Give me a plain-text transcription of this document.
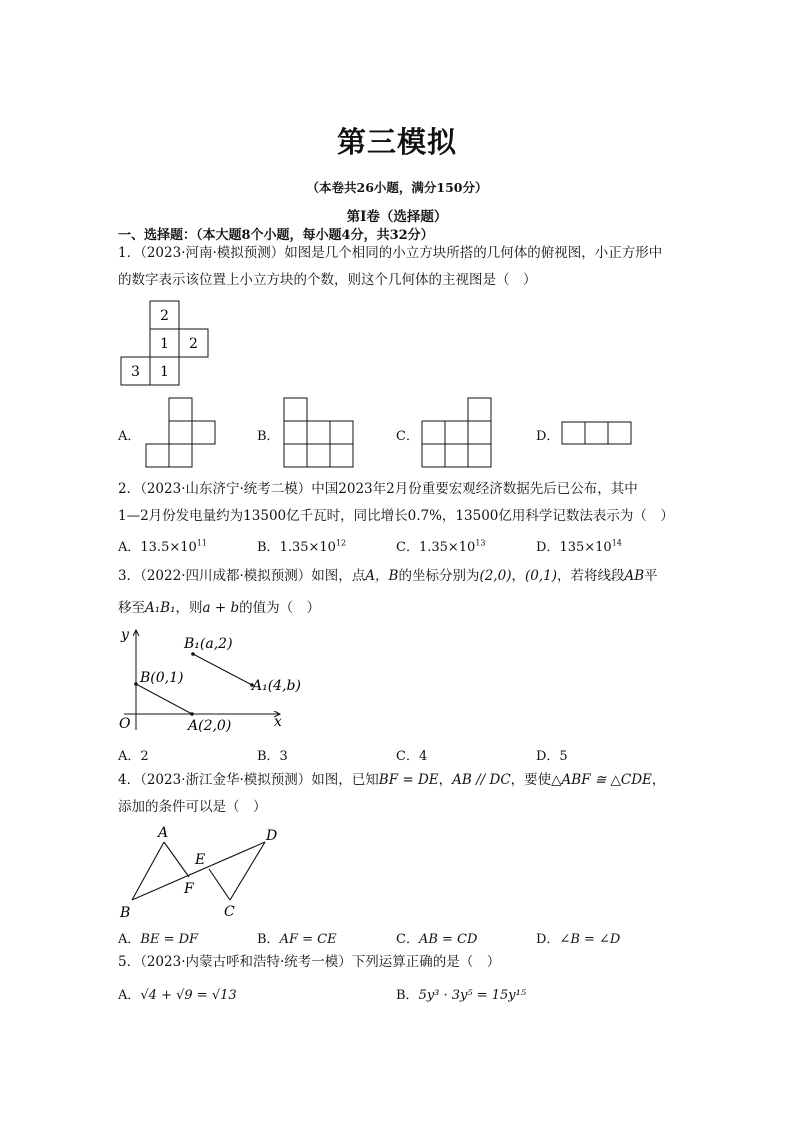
第三模拟
（本卷共26小题，满分150分）
第I卷（选择题）
一、选择题：（本大题8个小题，每小题4分，共32分）
1．（2023·河南·模拟预测）如图是几个相同的小立方块所搭的几何体的俯视图，小正方形中
的数字表示该位置上小立方块的个数，则这个几何体的主视图是（　）
2
1 2
3 1
A．	B．	C．	D．
2．（2023·山东济宁·统考二模）中国2023年2月份重要宏观经济数据先后已公布，其中
1—2月份发电量约为13500亿千瓦时，同比增长0.7%，13500亿用科学记数法表示为（　）
A．$13.5\times 10^{11}$	B．$1.35\times 10^{12}$	C．$1.35\times 10^{13}$	D．$135\times 10^{14}$
3．（2022·四川成都·模拟预测）如图，点A，B的坐标分别为(2,0)，(0,1)，若将线段AB平
移至A₁B₁，则a + b的值为（　）
y
x
O
B(0,1)
A(2,0)
B₁(a,2)
A₁(4,b)
A．2	B．3	C．4	D．5
4．（2023·浙江金华·模拟预测）如图，已知BF = DE，AB // DC，要使△ABF ≅ △CDE，
添加的条件可以是（　）
A
B	C
D
E
F
A．BE = DF	B．AF = CE	C．AB = CD	D．∠B = ∠D
5．（2023·内蒙古呼和浩特·统考一模）下列运算正确的是（　）
A．√4 + √9 = √13	B．5y³ · 3y⁵ = 15y¹⁵
